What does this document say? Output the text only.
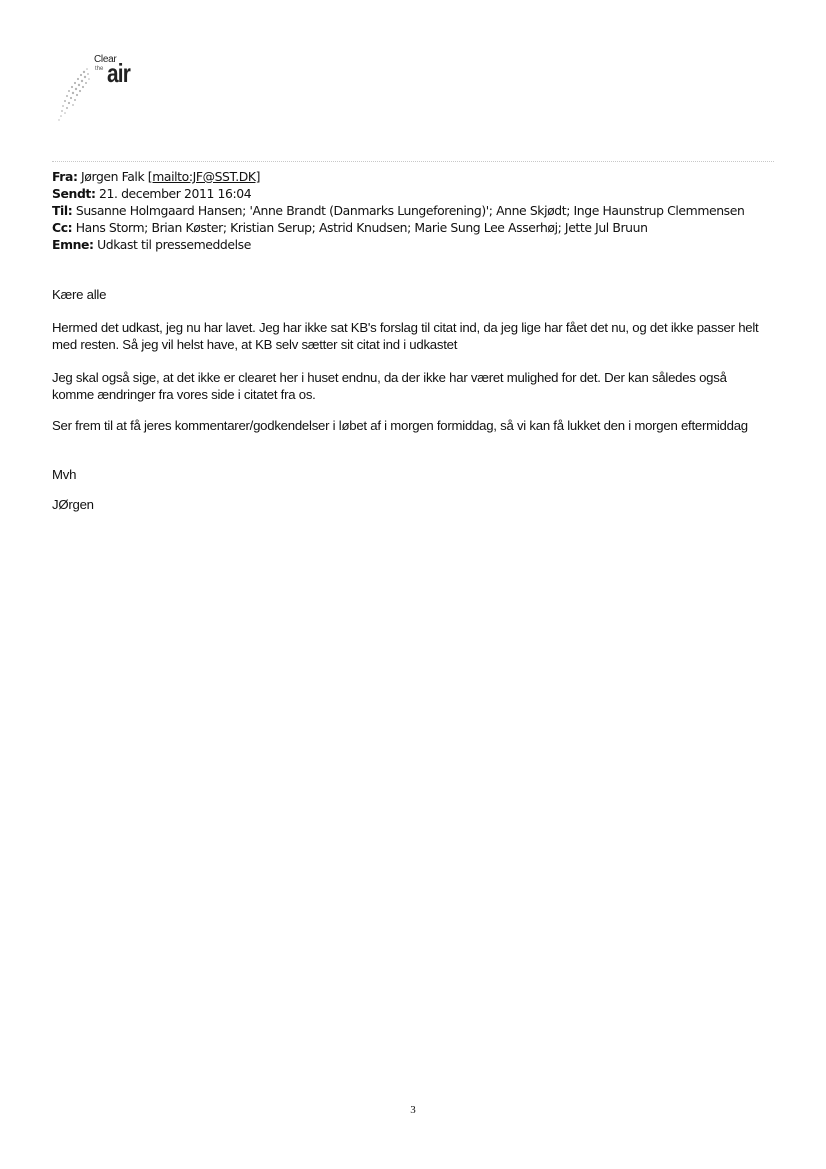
Clear
the air
Fra: Jørgen Falk [mailto:JF@SST.DK]
Sendt: 21. december 2011 16:04
Til: Susanne Holmgaard Hansen; 'Anne Brandt (Danmarks Lungeforening)'; Anne Skjødt; Inge Haunstrup Clemmensen
Cc: Hans Storm; Brian Køster; Kristian Serup; Astrid Knudsen; Marie Sung Lee Asserhøj; Jette Jul Bruun
Emne: Udkast til pressemeddelse

Kære alle

Hermed det udkast, jeg nu har lavet. Jeg har ikke sat KB's forslag til citat ind, da jeg lige har fået det nu, og det ikke passer helt med resten. Så jeg vil helst have, at KB selv sætter sit citat ind i udkastet

Jeg skal også sige, at det ikke er clearet her i huset endnu, da der ikke har været mulighed for det. Der kan således også komme ændringer fra vores side i citatet fra os.

Ser frem til at få jeres kommentarer/godkendelser i løbet af i morgen formiddag, så vi kan få lukket den i morgen eftermiddag

Mvh

JØrgen

3
